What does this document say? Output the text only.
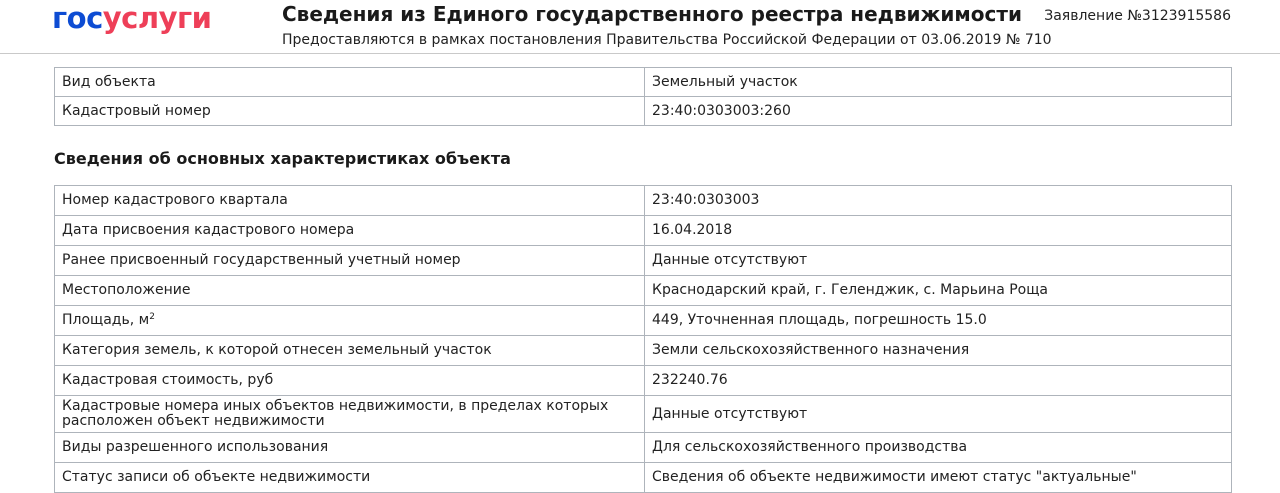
госуслуги	Сведения из Единого государственного реестра недвижимости
Предоставляются в рамках постановления Правительства Российской Федерации от 03.06.2019 № 710
Заявление №3123915586
Вид объекта	Земельный участок
Кадастровый номер	23:40:0303003:260
Сведения об основных характеристиках объекта
Номер кадастрового квартала	23:40:0303003
Дата присвоения кадастрового номера	16.04.2018
Ранее присвоенный государственный учетный номер	Данные отсутствуют
Местоположение	Краснодарский край, г. Геленджик, с. Марьина Роща
Площадь, $м^2$	449, Уточненная площадь, погрешность 15.0
Категория земель, к которой отнесен земельный участок	Земли сельскохозяйственного назначения
Кадастровая стоимость, руб	232240.76
Кадастровые номера иных объектов недвижимости, в пределах которых расположен объект недвижимости	Данные отсутствуют
Виды разрешенного использования	Для сельскохозяйственного производства
Статус записи об объекте недвижимости	Сведения об объекте недвижимости имеют статус "актуальные"
